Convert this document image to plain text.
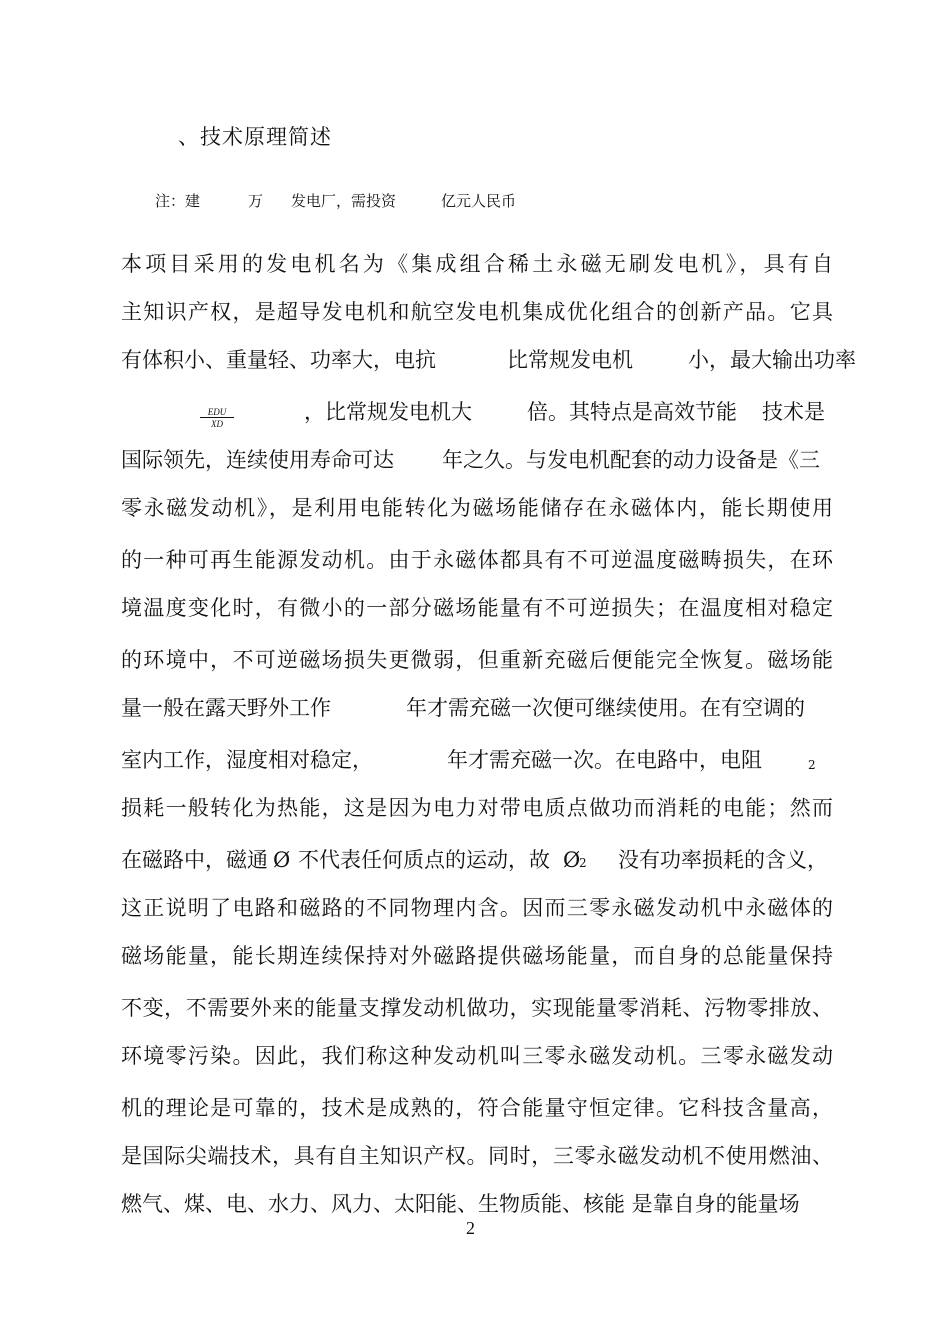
、技术原理简述
注：建	万 发电厂，需投资	亿元人民币
本项目采用的发电机名为《集成组合稀土永磁无刷发电机》，具有自
主知识产权，是超导发电机和航空发电机集成优化组合的创新产品。它具
有体积小、重量轻、功率大，电抗	比常规发电机	小，最大输出功率
EDU
XD	，比常规发电机大	倍。其特点是高效节能 技术是
国际领先，连续使用寿命可达 年之久。与发电机配套的动力设备是《三
零永磁发动机》，是利用电能转化为磁场能储存在永磁体内，能长期使用
的一种可再生能源发动机。由于永磁体都具有不可逆温度磁畴损失，在环
境温度变化时，有微小的一部分磁场能量有不可逆损失；在温度相对稳定
的环境中，不可逆磁场损失更微弱，但重新充磁后便能完全恢复。磁场能
量一般在露天野外工作	年才需充磁一次便可继续使用。在有空调的
室内工作，湿度相对稳定，	年才需充磁一次。在电路中，电阻	2
损耗一般转化为热能，这是因为电力对带电质点做功而消耗的电能；然而
在磁路中，磁通 Ø 不代表任何质点的运动，故 Ø
2 没有功率损耗的含义，
这正说明了电路和磁路的不同物理内含。因而三零永磁发动机中永磁体的
磁场能量，能长期连续保持对外磁路提供磁场能量，而自身的总能量保持
不变，不需要外来的能量支撑发动机做功，实现能量零消耗、污物零排放、
环境零污染。因此，我们称这种发动机叫三零永磁发动机。三零永磁发动
机的理论是可靠的，技术是成熟的，符合能量守恒定律。它科技含量高，
是国际尖端技术，具有自主知识产权。同时，三零永磁发动机不使用燃油、
燃气、煤、电、水力、风力、太阳能、生物质能、核能 是靠自身的能量场
2
